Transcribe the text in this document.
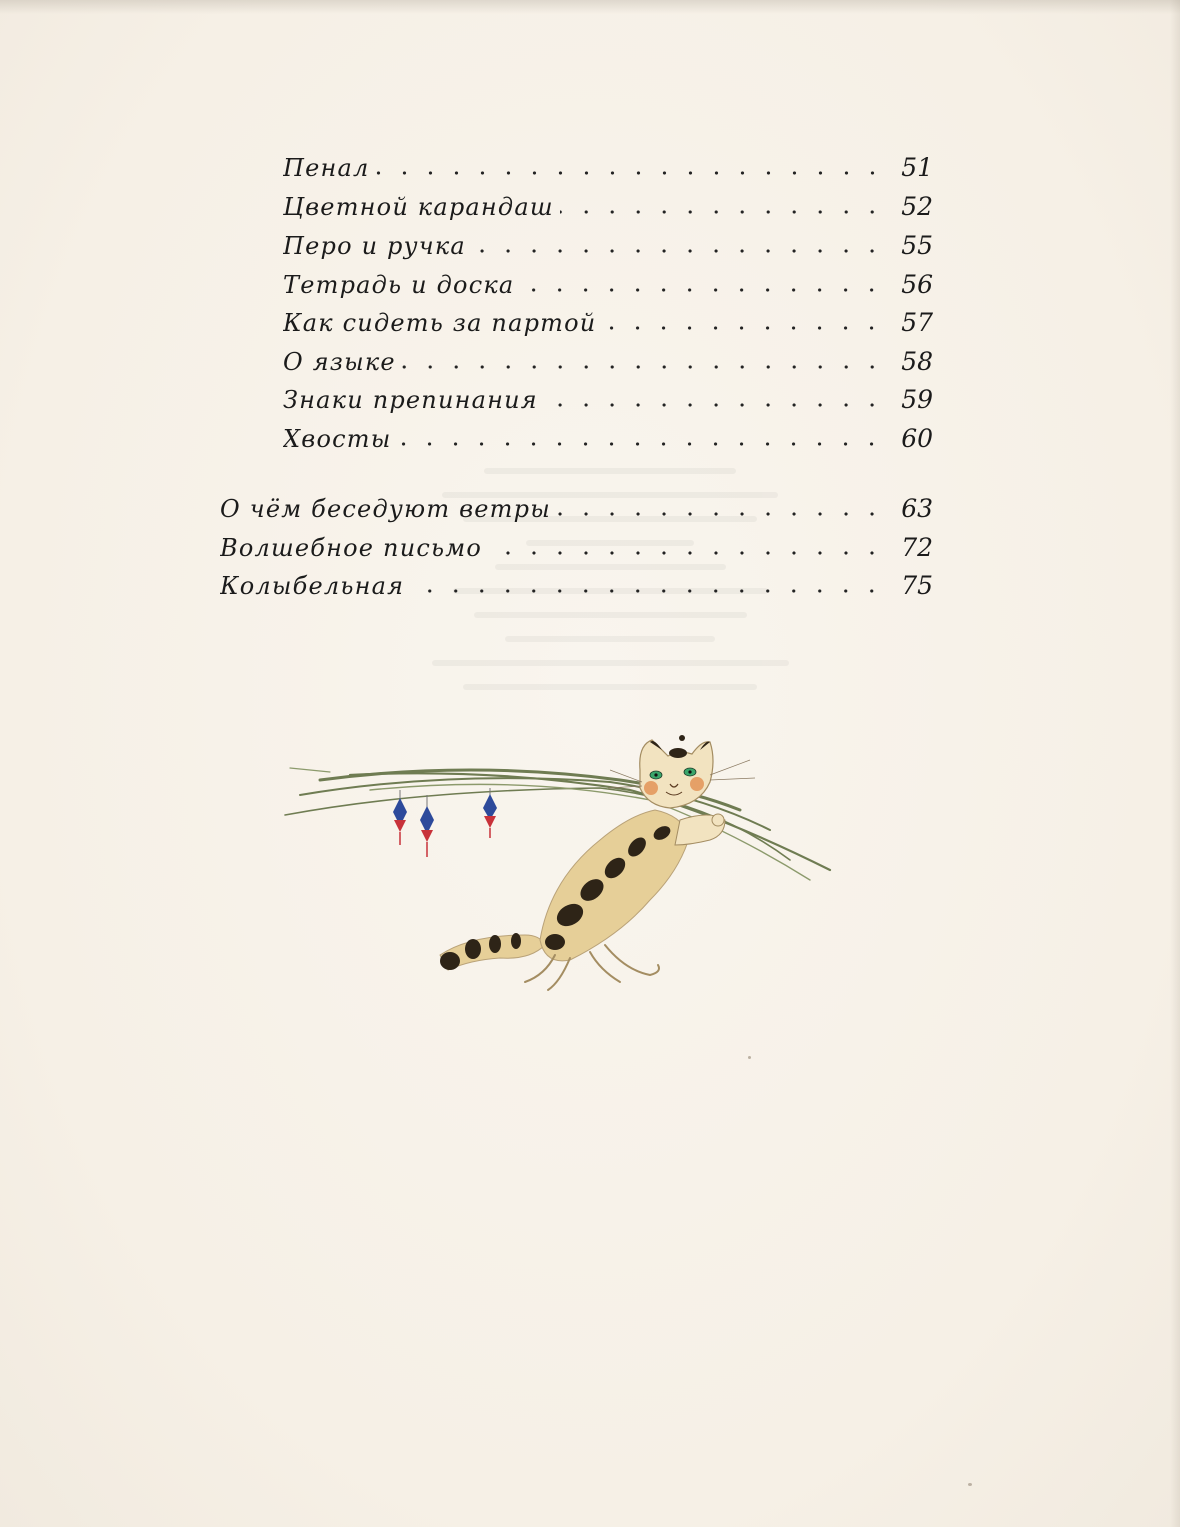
Пенал	51
Цветной карандаш	52
Перо и ручка	55
Тетрадь и доска	56
Как сидеть за партой	57
О языке	58
Знаки препинания	59
Хвосты	60
О чём беседуют ветры	63
Волшебное письмо	72
Колыбельная	75
